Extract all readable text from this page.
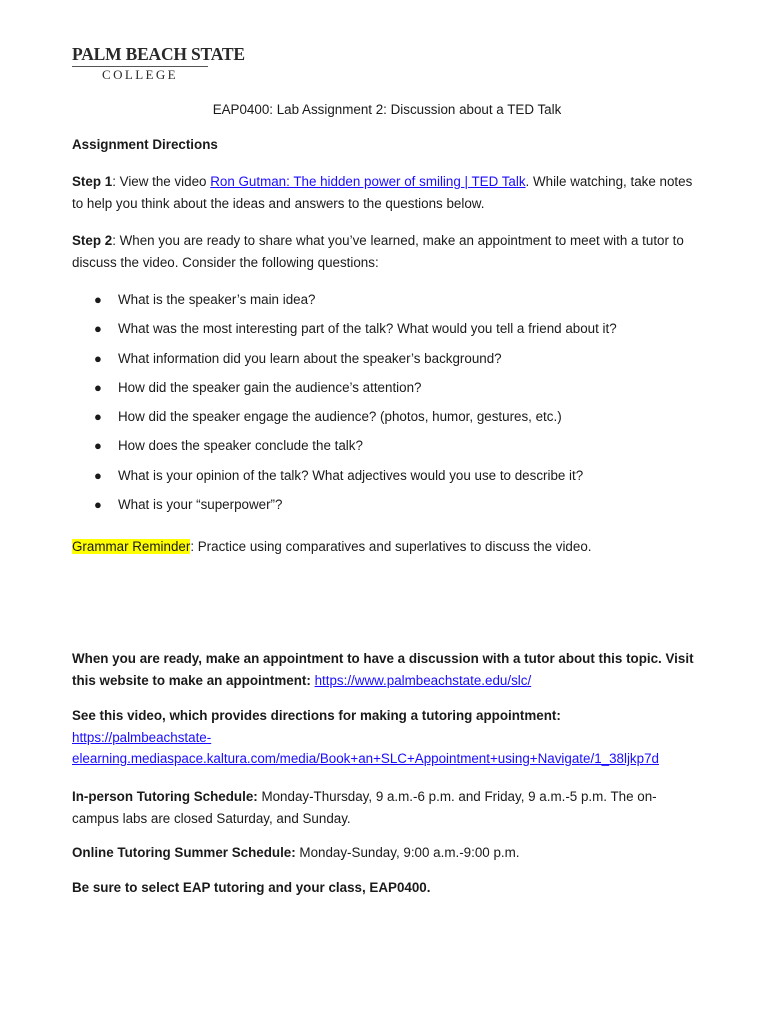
PALM BEACH STATE
COLLEGE
EAP0400: Lab Assignment 2: Discussion about a TED Talk
Assignment Directions
Step 1: View the video Ron Gutman: The hidden power of smiling | TED Talk. While watching, take notes to help you think about the ideas and answers to the questions below.
Step 2: When you are ready to share what you’ve learned, make an appointment to meet with a tutor to discuss the video. Consider the following questions:
● What is the speaker’s main idea?
● What was the most interesting part of the talk? What would you tell a friend about it?
● What information did you learn about the speaker’s background?
● How did the speaker gain the audience’s attention?
● How did the speaker engage the audience? (photos, humor, gestures, etc.)
● How does the speaker conclude the talk?
● What is your opinion of the talk? What adjectives would you use to describe it?
● What is your “superpower”?
Grammar Reminder: Practice using comparatives and superlatives to discuss the video.
When you are ready, make an appointment to have a discussion with a tutor about this topic. Visit this website to make an appointment: https://www.palmbeachstate.edu/slc/
See this video, which provides directions for making a tutoring appointment:
https://palmbeachstate-
elearning.mediaspace.kaltura.com/media/Book+an+SLC+Appointment+using+Navigate/1_38ljkp7d
In-person Tutoring Schedule: Monday-Thursday, 9 a.m.-6 p.m. and Friday, 9 a.m.-5 p.m. The on-campus labs are closed Saturday, and Sunday.
Online Tutoring Summer Schedule: Monday-Sunday, 9:00 a.m.-9:00 p.m.
Be sure to select EAP tutoring and your class, EAP0400.
